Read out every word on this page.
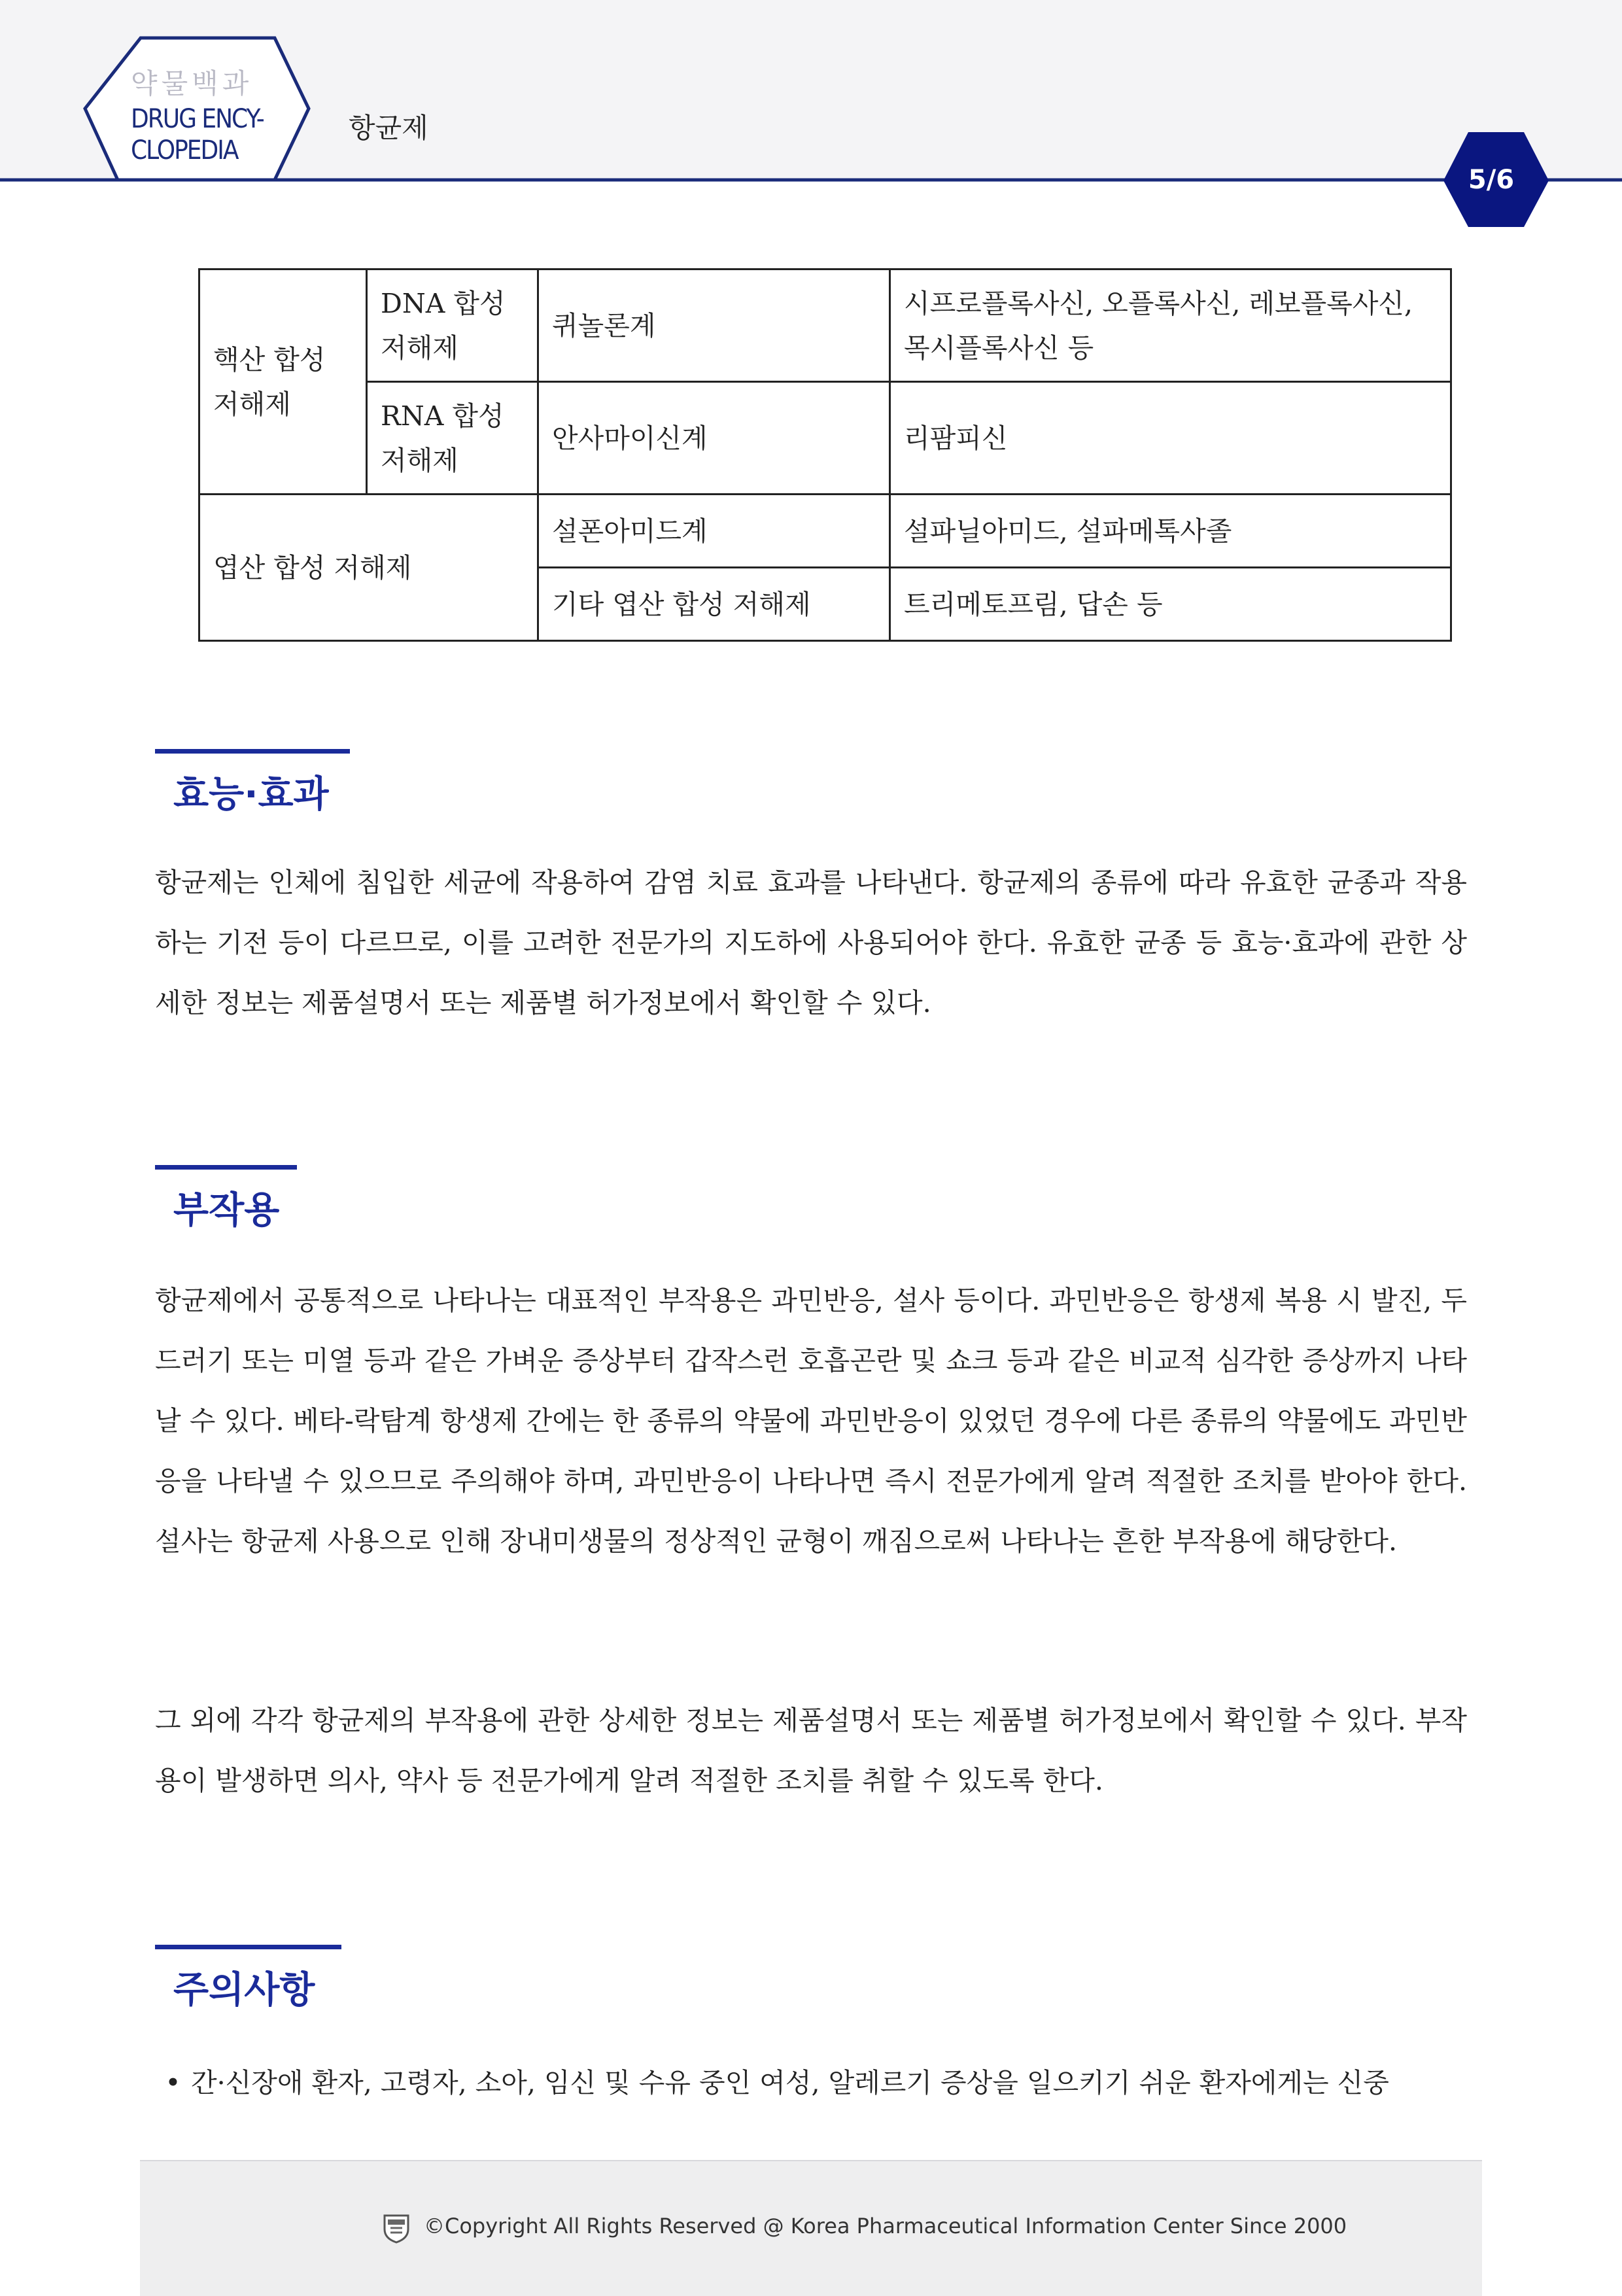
약물백과
DRUG ENCY-
CLOPEDIA
항균제
5/6
핵산 합성 저해제	DNA 합성 저해제	퀴놀론계	시프로플록사신, 오플록사신, 레보플록사신, 목시플록사신 등
	RNA 합성 저해제	안사마이신계	리팜피신
엽산 합성 저해제		설폰아미드계	설파닐아미드, 설파메톡사졸
		기타 엽산 합성 저해제	트리메토프림, 답손 등
효능·효과

항균제는 인체에 침입한 세균에 작용하여 감염 치료 효과를 나타낸다. 항균제의 종류에 따라 유효한 균종과 작용하는 기전 등이 다르므로, 이를 고려한 전문가의 지도하에 사용되어야 한다. 유효한 균종 등 효능·효과에 관한 상세한 정보는 제품설명서 또는 제품별 허가정보에서 확인할 수 있다.

부작용

항균제에서 공통적으로 나타나는 대표적인 부작용은 과민반응, 설사 등이다. 과민반응은 항생제 복용 시 발진, 두드러기 또는 미열 등과 같은 가벼운 증상부터 갑작스런 호흡곤란 및 쇼크 등과 같은 비교적 심각한 증상까지 나타날 수 있다. 베타-락탐계 항생제 간에는 한 종류의 약물에 과민반응이 있었던 경우에 다른 종류의 약물에도 과민반응을 나타낼 수 있으므로 주의해야 하며, 과민반응이 나타나면 즉시 전문가에게 알려 적절한 조치를 받아야 한다. 설사는 항균제 사용으로 인해 장내미생물의 정상적인 균형이 깨짐으로써 나타나는 흔한 부작용에 해당한다.

그 외에 각각 항균제의 부작용에 관한 상세한 정보는 제품설명서 또는 제품별 허가정보에서 확인할 수 있다. 부작용이 발생하면 의사, 약사 등 전문가에게 알려 적절한 조치를 취할 수 있도록 한다.

주의사항
• 간·신장애 환자, 고령자, 소아, 임신 및 수유 중인 여성, 알레르기 증상을 일으키기 쉬운 환자에게는 신중
©Copyright All Rights Reserved @ Korea Pharmaceutical Information Center Since 2000
